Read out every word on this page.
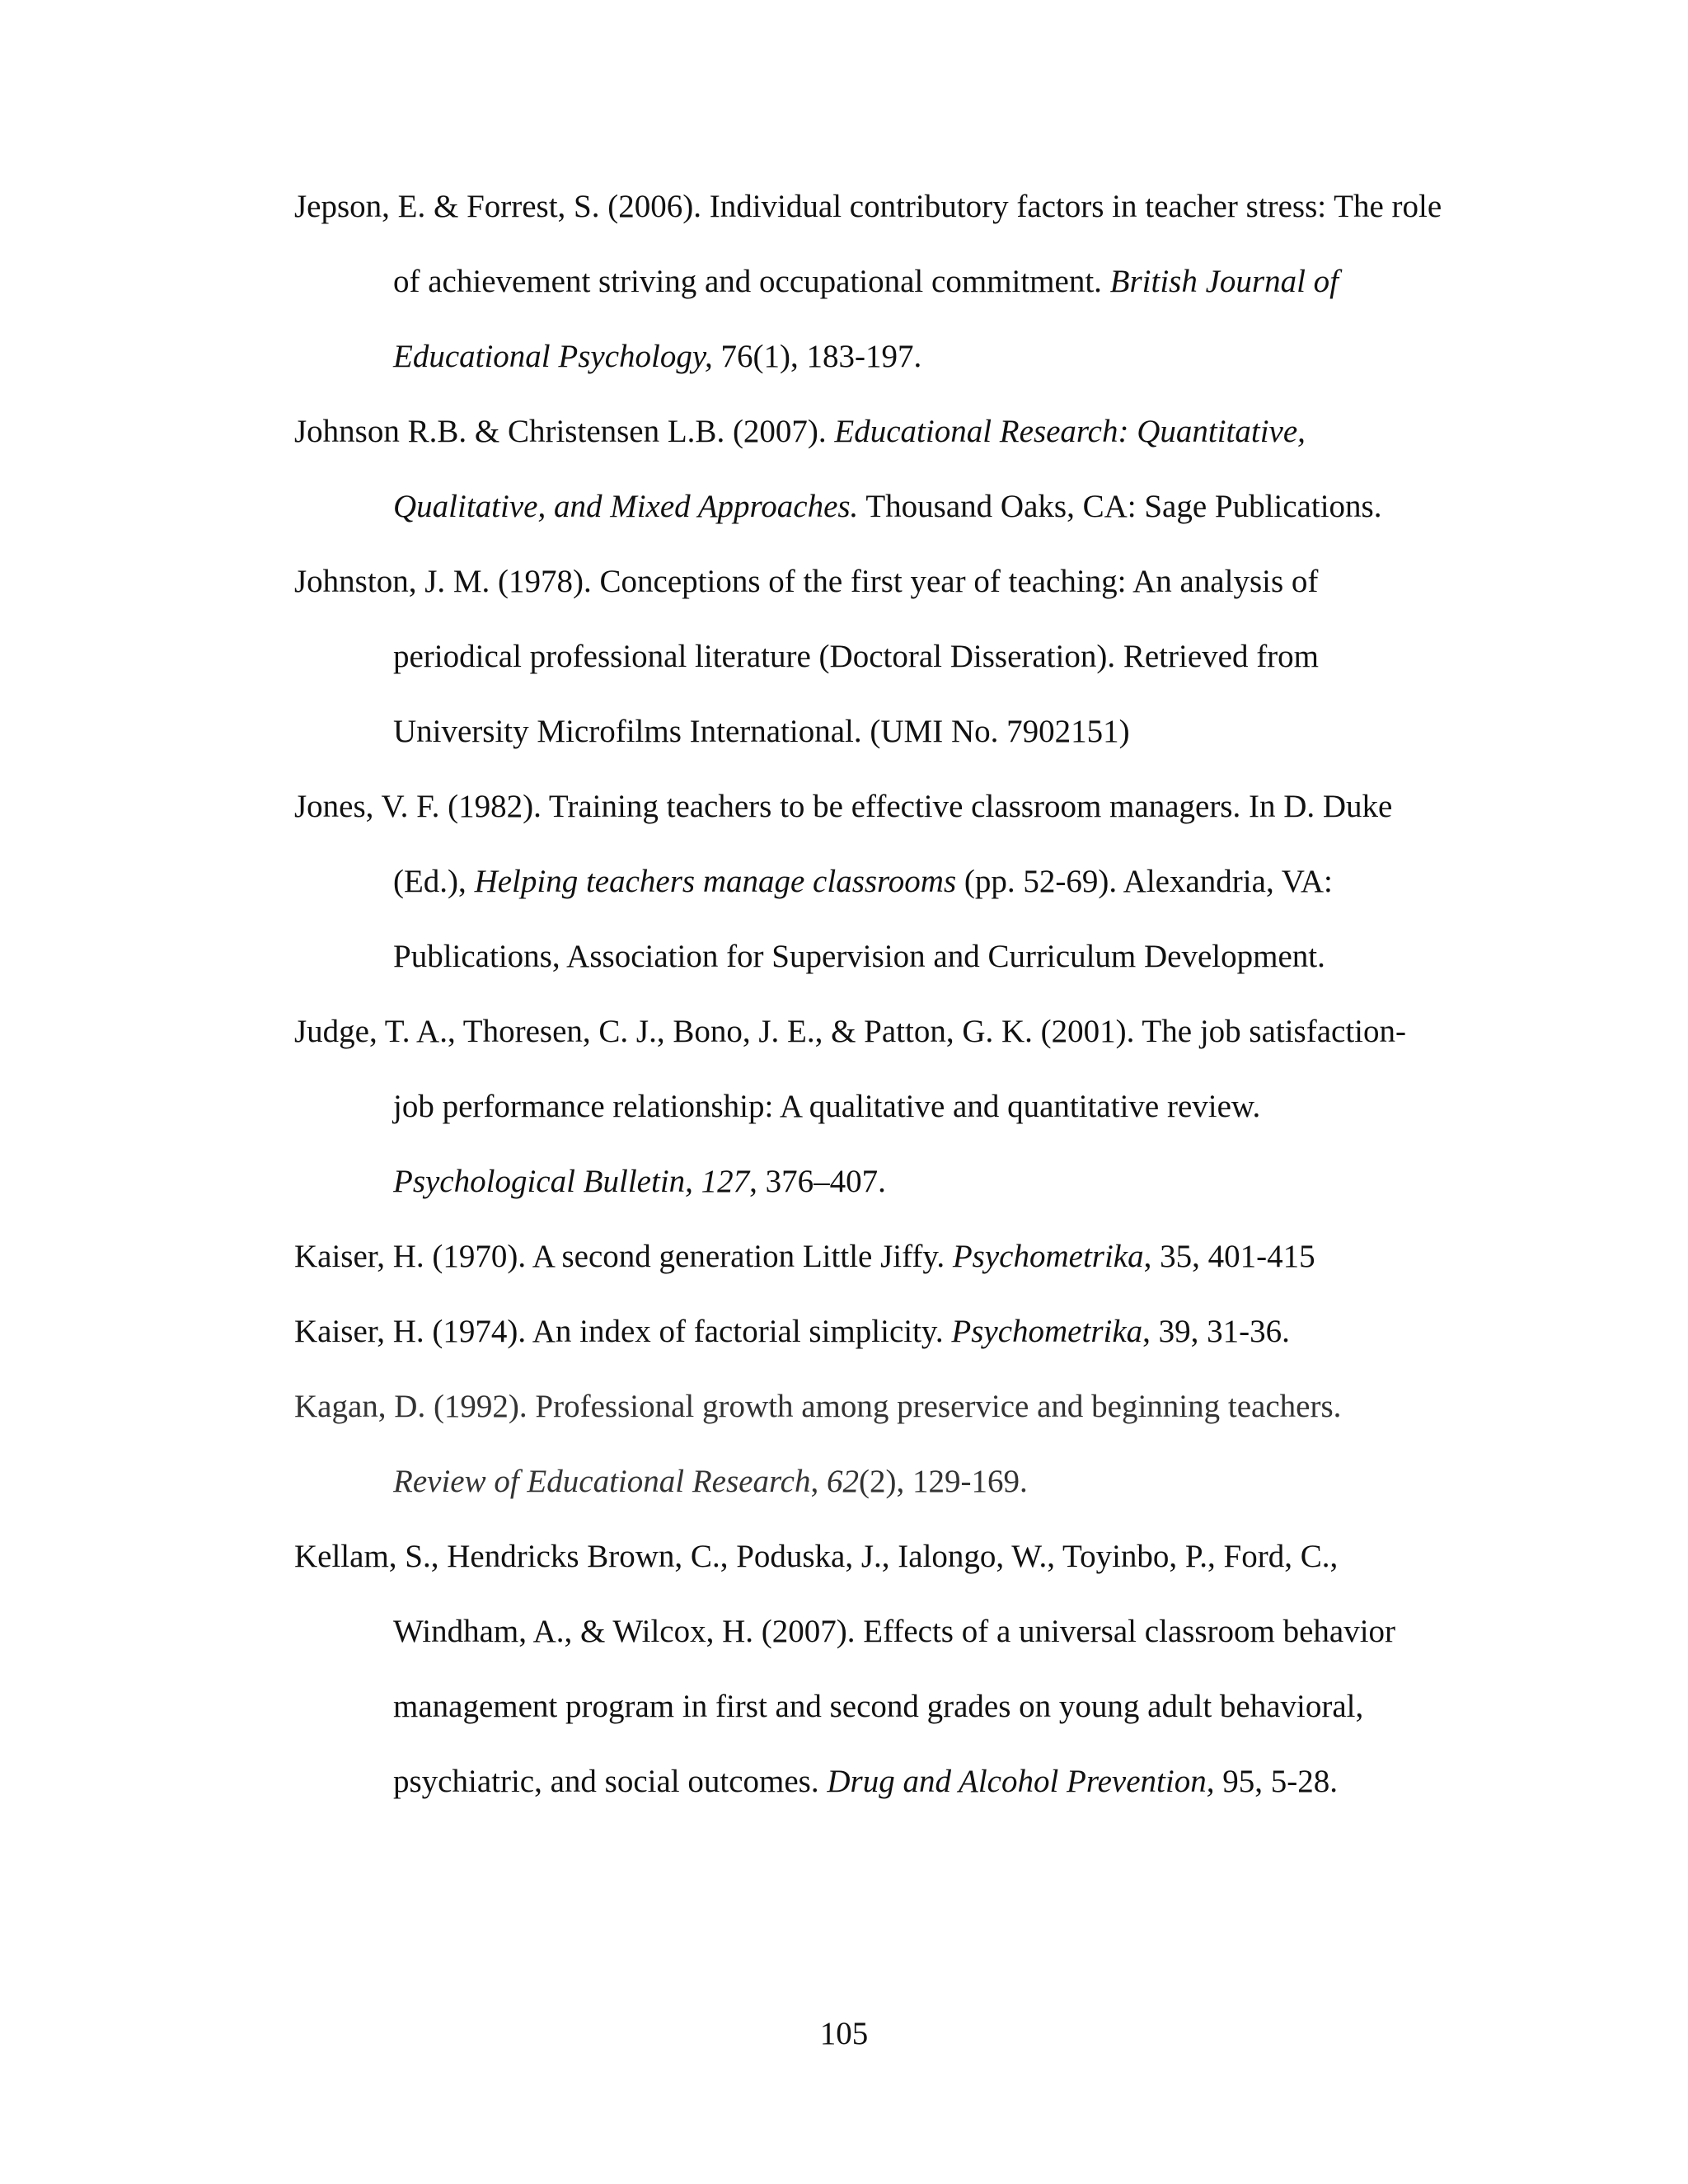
Jepson, E. & Forrest, S. (2006). Individual contributory factors in teacher stress: The role
of achievement striving and occupational commitment. British Journal of
Educational Psychology, 76(1), 183-197.
Johnson R.B. & Christensen L.B. (2007). Educational Research: Quantitative,
Qualitative, and Mixed Approaches. Thousand Oaks, CA: Sage Publications.
Johnston, J. M. (1978). Conceptions of the first year of teaching: An analysis of
periodical professional literature (Doctoral Disseration). Retrieved from
University Microfilms International. (UMI No. 7902151)
Jones, V. F. (1982). Training teachers to be effective classroom managers. In D. Duke
(Ed.), Helping teachers manage classrooms (pp. 52-69). Alexandria, VA:
Publications, Association for Supervision and Curriculum Development.
Judge, T. A., Thoresen, C. J., Bono, J. E., & Patton, G. K. (2001). The job satisfaction-
job performance relationship: A qualitative and quantitative review.
Psychological Bulletin, 127, 376–407.
Kaiser, H. (1970). A second generation Little Jiffy. Psychometrika, 35, 401-415
Kaiser, H. (1974). An index of factorial simplicity. Psychometrika, 39, 31-36.
Kagan, D. (1992). Professional growth among preservice and beginning teachers.
Review of Educational Research, 62(2), 129-169.
Kellam, S., Hendricks Brown, C., Poduska, J., Ialongo, W., Toyinbo, P., Ford, C.,
Windham, A., & Wilcox, H. (2007). Effects of a universal classroom behavior
management program in first and second grades on young adult behavioral,
psychiatric, and social outcomes. Drug and Alcohol Prevention, 95, 5-28.
105
